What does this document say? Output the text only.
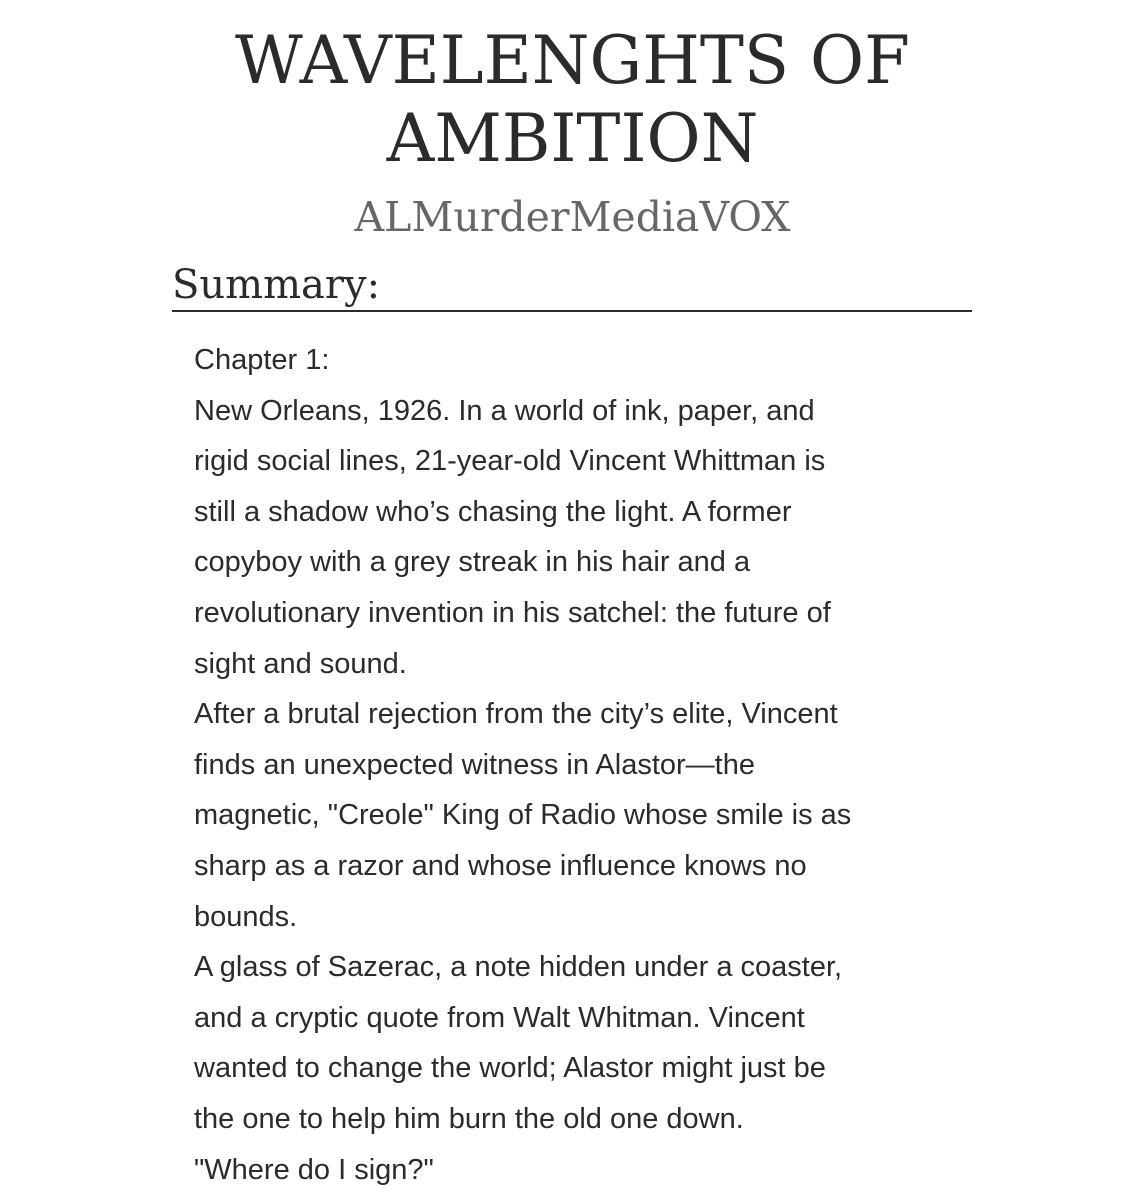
WAVELENGHTS OF
AMBITION
ALMurderMediaVOX
Summary:
Chapter 1:
New Orleans, 1926. In a world of ink, paper, and
rigid social lines, 21-year-old Vincent Whittman is
still a shadow who’s chasing the light. A former
copyboy with a grey streak in his hair and a
revolutionary invention in his satchel: the future of
sight and sound.
After a brutal rejection from the city’s elite, Vincent
finds an unexpected witness in Alastor—the
magnetic, "Creole" King of Radio whose smile is as
sharp as a razor and whose influence knows no
bounds.
A glass of Sazerac, a note hidden under a coaster,
and a cryptic quote from Walt Whitman. Vincent
wanted to change the world; Alastor might just be
the one to help him burn the old one down.
"Where do I sign?"
